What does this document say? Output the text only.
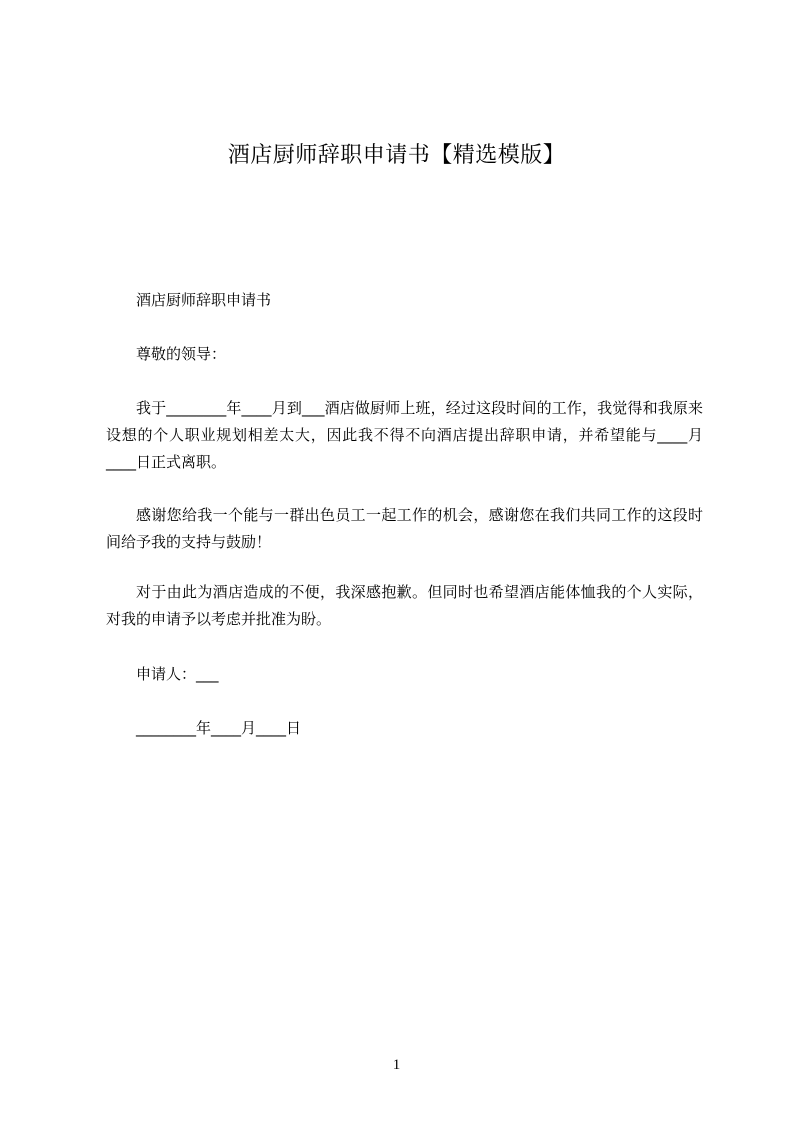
酒店厨师辞职申请书【精选模版】

酒店厨师辞职申请书

尊敬的领导：

我于________年____月到___酒店做厨师上班，经过这段时间的工作，我觉得和我原来设想的个人职业规划相差太大，因此我不得不向酒店提出辞职申请，并希望能与____月____日正式离职。

感谢您给我一个能与一群出色员工一起工作的机会，感谢您在我们共同工作的这段时间给予我的支持与鼓励！

对于由此为酒店造成的不便，我深感抱歉。但同时也希望酒店能体恤我的个人实际，对我的申请予以考虑并批准为盼。

申请人：___

________年____月____日

1
